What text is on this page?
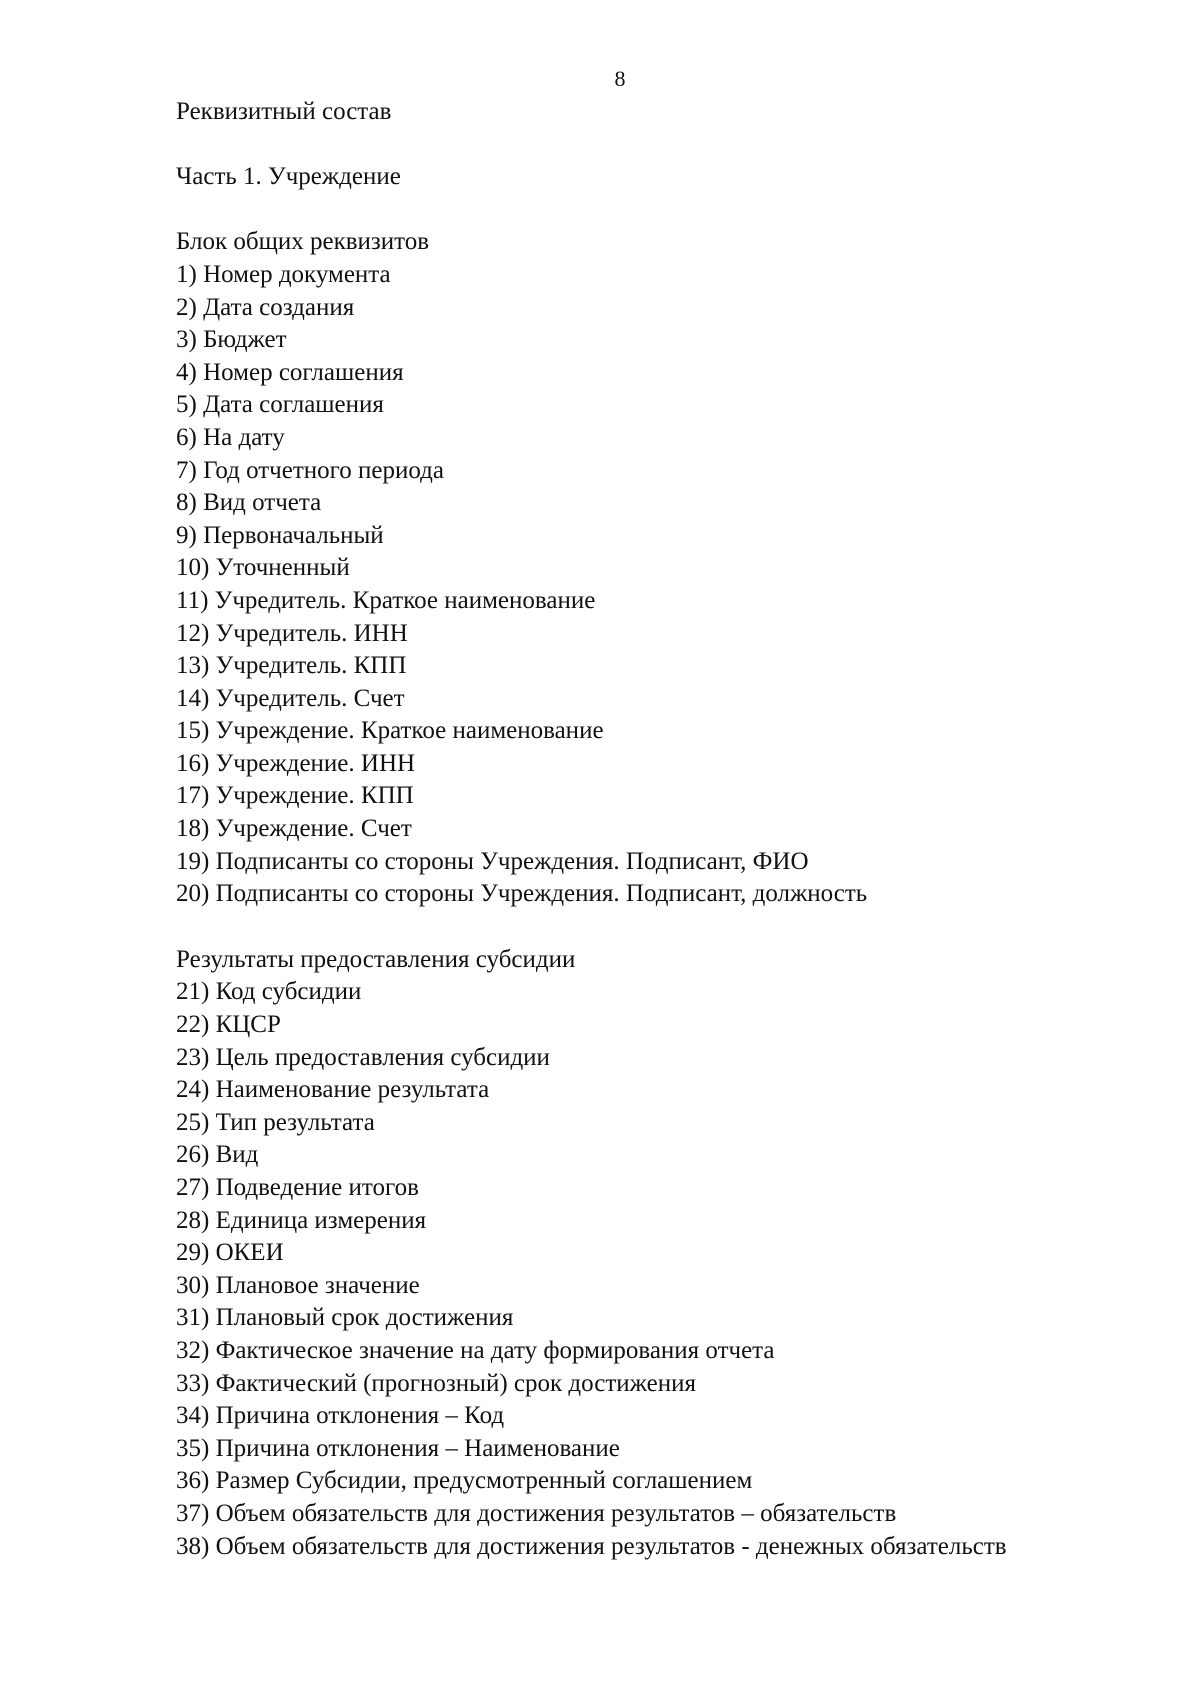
8
Реквизитный состав
Часть 1. Учреждение
Блок общих реквизитов
1) Номер документа
2) Дата создания
3) Бюджет
4) Номер соглашения
5) Дата соглашения
6) На дату
7) Год отчетного периода
8) Вид отчета
9) Первоначальный
10) Уточненный
11) Учредитель. Краткое наименование
12) Учредитель. ИНН
13) Учредитель. КПП
14) Учредитель. Счет
15) Учреждение. Краткое наименование
16) Учреждение. ИНН
17) Учреждение. КПП
18) Учреждение. Счет
19) Подписанты со стороны Учреждения. Подписант, ФИО
20) Подписанты со стороны Учреждения. Подписант, должность
Результаты предоставления субсидии
21) Код субсидии
22) КЦСР
23) Цель предоставления субсидии
24) Наименование результата
25) Тип результата
26) Вид
27) Подведение итогов
28) Единица измерения
29) ОКЕИ
30) Плановое значение
31) Плановый срок достижения
32) Фактическое значение на дату формирования отчета
33) Фактический (прогнозный) срок достижения
34) Причина отклонения – Код
35) Причина отклонения – Наименование
36) Размер Субсидии, предусмотренный соглашением
37) Объем обязательств для достижения результатов – обязательств
38) Объем обязательств для достижения результатов - денежных обязательств
